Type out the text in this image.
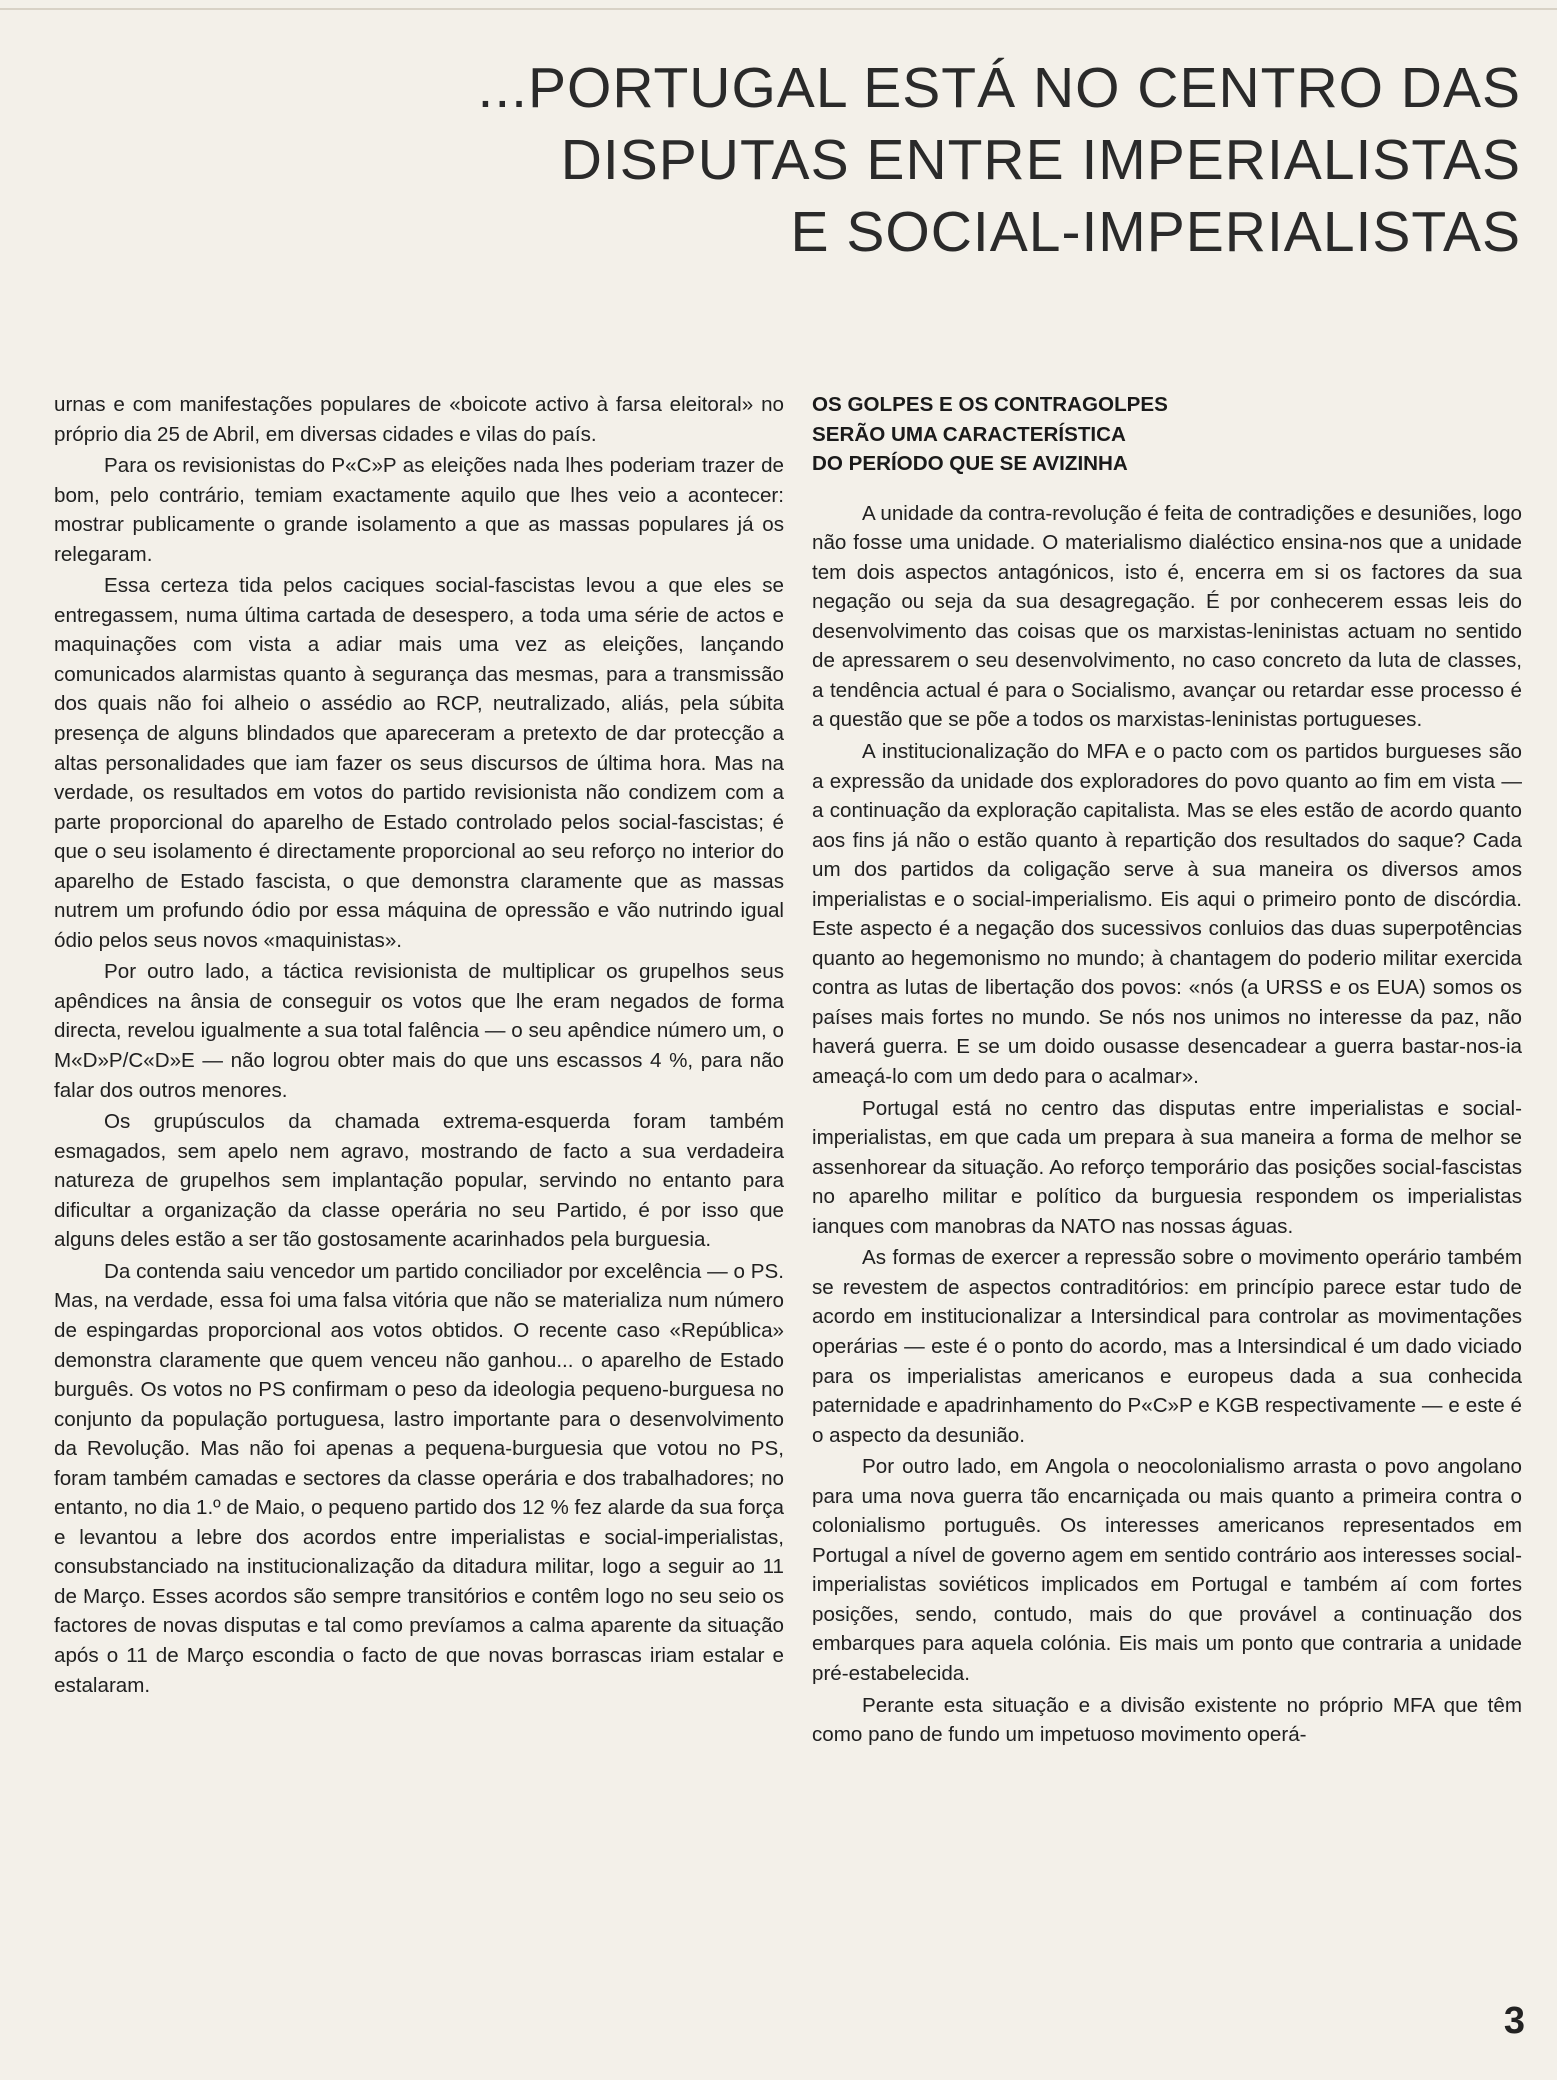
...PORTUGAL ESTÁ NO CENTRO DAS
DISPUTAS ENTRE IMPERIALISTAS
E SOCIAL-IMPERIALISTAS

urnas e com manifestações populares de «boicote activo à farsa eleitoral» no próprio dia 25 de Abril, em diversas cidades e vilas do país.

Para os revisionistas do P«C»P as eleições nada lhes poderiam trazer de bom, pelo contrário, temiam exactamente aquilo que lhes veio a acontecer: mostrar publicamente o grande isolamento a que as massas populares já os relegaram.

Essa certeza tida pelos caciques social-fascistas levou a que eles se entregassem, numa última cartada de desespero, a toda uma série de actos e maquinações com vista a adiar mais uma vez as eleições, lançando comunicados alarmistas quanto à segurança das mesmas, para a transmissão dos quais não foi alheio o assédio ao RCP, neutralizado, aliás, pela súbita presença de alguns blindados que apareceram a pretexto de dar protecção a altas personalidades que iam fazer os seus discursos de última hora. Mas na verdade, os resultados em votos do partido revisionista não condizem com a parte proporcional do aparelho de Estado controlado pelos social-fascistas; é que o seu isolamento é directamente proporcional ao seu reforço no interior do aparelho de Estado fascista, o que demonstra claramente que as massas nutrem um profundo ódio por essa máquina de opressão e vão nutrindo igual ódio pelos seus novos «maquinistas».

Por outro lado, a táctica revisionista de multiplicar os grupelhos seus apêndices na ânsia de conseguir os votos que lhe eram negados de forma directa, revelou igualmente a sua total falência — o seu apêndice número um, o M«D»P/C«D»E — não logrou obter mais do que uns escassos 4 %, para não falar dos outros menores.

Os grupúsculos da chamada extrema-esquerda foram também esmagados, sem apelo nem agravo, mostrando de facto a sua verdadeira natureza de grupelhos sem implantação popular, servindo no entanto para dificultar a organização da classe operária no seu Partido, é por isso que alguns deles estão a ser tão gostosamente acarinhados pela burguesia.

Da contenda saiu vencedor um partido conciliador por excelência — o PS. Mas, na verdade, essa foi uma falsa vitória que não se materializa num número de espingardas proporcional aos votos obtidos. O recente caso «República» demonstra claramente que quem venceu não ganhou... o aparelho de Estado burguês. Os votos no PS confirmam o peso da ideologia pequeno-burguesa no conjunto da população portuguesa, lastro importante para o desenvolvimento da Revolução. Mas não foi apenas a pequena-burguesia que votou no PS, foram também camadas e sectores da classe operária e dos trabalhadores; no entanto, no dia 1.º de Maio, o pequeno partido dos 12 % fez alarde da sua força e levantou a lebre dos acordos entre imperialistas e social-imperialistas, consubstanciado na institucionalização da ditadura militar, logo a seguir ao 11 de Março. Esses acordos são sempre transitórios e contêm logo no seu seio os factores de novas disputas e tal como prevíamos a calma aparente da situação após o 11 de Março escondia o facto de que novas borrascas iriam estalar e estalaram.

OS GOLPES E OS CONTRAGOLPES
SERÃO UMA CARACTERÍSTICA
DO PERÍODO QUE SE AVIZINHA

A unidade da contra-revolução é feita de contradições e desuniões, logo não fosse uma unidade. O materialismo dialéctico ensina-nos que a unidade tem dois aspectos antagónicos, isto é, encerra em si os factores da sua negação ou seja da sua desagregação. É por conhecerem essas leis do desenvolvimento das coisas que os marxistas-leninistas actuam no sentido de apressarem o seu desenvolvimento, no caso concreto da luta de classes, a tendência actual é para o Socialismo, avançar ou retardar esse processo é a questão que se põe a todos os marxistas-leninistas portugueses.

A institucionalização do MFA e o pacto com os partidos burgueses são a expressão da unidade dos exploradores do povo quanto ao fim em vista — a continuação da exploração capitalista. Mas se eles estão de acordo quanto aos fins já não o estão quanto à repartição dos resultados do saque? Cada um dos partidos da coligação serve à sua maneira os diversos amos imperialistas e o social-imperialismo. Eis aqui o primeiro ponto de discórdia. Este aspecto é a negação dos sucessivos conluios das duas superpotências quanto ao hegemonismo no mundo; à chantagem do poderio militar exercida contra as lutas de libertação dos povos: «nós (a URSS e os EUA) somos os países mais fortes no mundo. Se nós nos unimos no interesse da paz, não haverá guerra. E se um doido ousasse desencadear a guerra bastar-nos-ia ameaçá-lo com um dedo para o acalmar».

Portugal está no centro das disputas entre imperialistas e social-imperialistas, em que cada um prepara à sua maneira a forma de melhor se assenhorear da situação. Ao reforço temporário das posições social-fascistas no aparelho militar e político da burguesia respondem os imperialistas ianques com manobras da NATO nas nossas águas.

As formas de exercer a repressão sobre o movimento operário também se revestem de aspectos contraditórios: em princípio parece estar tudo de acordo em institucionalizar a Intersindical para controlar as movimentações operárias — este é o ponto do acordo, mas a Intersindical é um dado viciado para os imperialistas americanos e europeus dada a sua conhecida paternidade e apadrinhamento do P«C»P e KGB respectivamente — e este é o aspecto da desunião.

Por outro lado, em Angola o neocolonialismo arrasta o povo angolano para uma nova guerra tão encarniçada ou mais quanto a primeira contra o colonialismo português. Os interesses americanos representados em Portugal a nível de governo agem em sentido contrário aos interesses social-imperialistas soviéticos implicados em Portugal e também aí com fortes posições, sendo, contudo, mais do que provável a continuação dos embarques para aquela colónia. Eis mais um ponto que contraria a unidade pré-estabelecida.

Perante esta situação e a divisão existente no próprio MFA que têm como pano de fundo um impetuoso movimento operá-

3
